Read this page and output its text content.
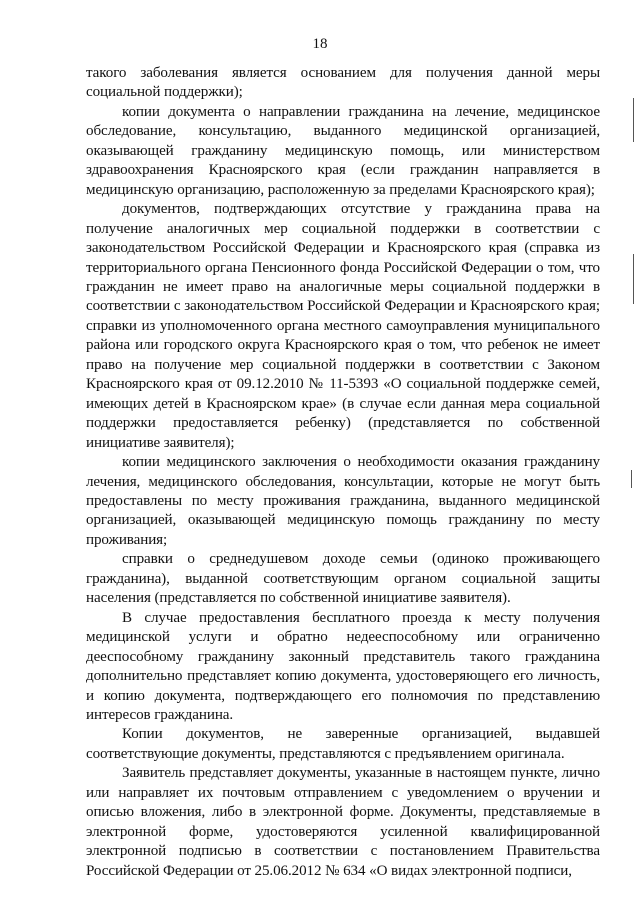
18

такого заболевания является основанием для получения данной меры социальной поддержки);

копии документа о направлении гражданина на лечение, медицинское обследование, консультацию, выданного медицинской организацией, оказывающей гражданину медицинскую помощь, или министерством здравоохранения Красноярского края (если гражданин направляется в медицинскую организацию, расположенную за пределами Красноярского края);

документов, подтверждающих отсутствие у гражданина права на получение аналогичных мер социальной поддержки в соответствии с законодательством Российской Федерации и Красноярского края (справка из территориального органа Пенсионного фонда Российской Федерации о том, что гражданин не имеет право на аналогичные меры социальной поддержки в соответствии с законодательством Российской Федерации и Красноярского края; справки из уполномоченного органа местного самоуправления муниципального района или городского округа Красноярского края о том, что ребенок не имеет право на получение мер социальной поддержки в соответствии с Законом Красноярского края от 09.12.2010 № 11-5393 «О социальной поддержке семей, имеющих детей в Красноярском крае» (в случае если данная мера социальной поддержки предоставляется ребенку) (представляется по собственной инициативе заявителя);

копии медицинского заключения о необходимости оказания гражданину лечения, медицинского обследования, консультации, которые не могут быть предоставлены по месту проживания гражданина, выданного медицинской организацией, оказывающей медицинскую помощь гражданину по месту проживания;

справки о среднедушевом доходе семьи (одиноко проживающего гражданина), выданной соответствующим органом социальной защиты населения (представляется по собственной инициативе заявителя).

В случае предоставления бесплатного проезда к месту получения медицинской услуги и обратно недееспособному или ограниченно дееспособному гражданину законный представитель такого гражданина дополнительно представляет копию документа, удостоверяющего его личность, и копию документа, подтверждающего его полномочия по представлению интересов гражданина.

Копии документов, не заверенные организацией, выдавшей соответствующие документы, представляются с предъявлением оригинала.

Заявитель представляет документы, указанные в настоящем пункте, лично или направляет их почтовым отправлением с уведомлением о вручении и описью вложения, либо в электронной форме. Документы, представляемые в электронной форме, удостоверяются усиленной квалифицированной электронной подписью в соответствии с постановлением Правительства Российской Федерации от 25.06.2012 № 634 «О видах электронной подписи,
